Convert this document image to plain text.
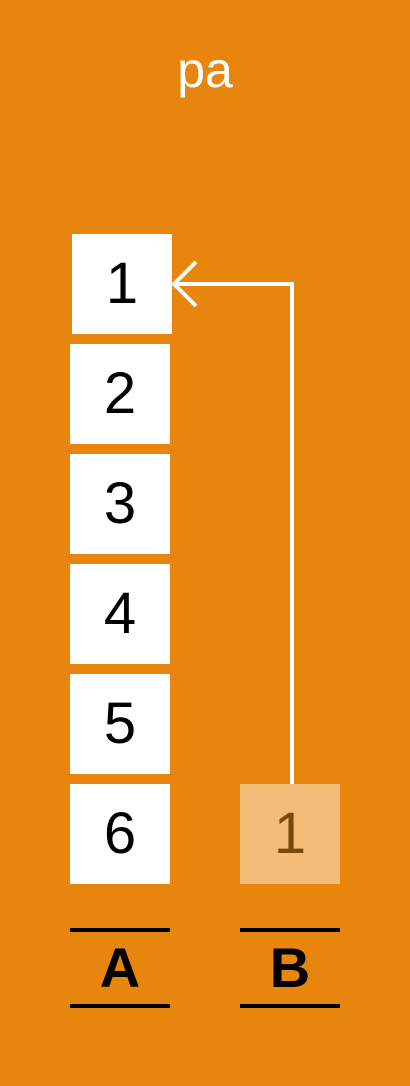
pa
1
2
3
4
5
6	1
A	B
